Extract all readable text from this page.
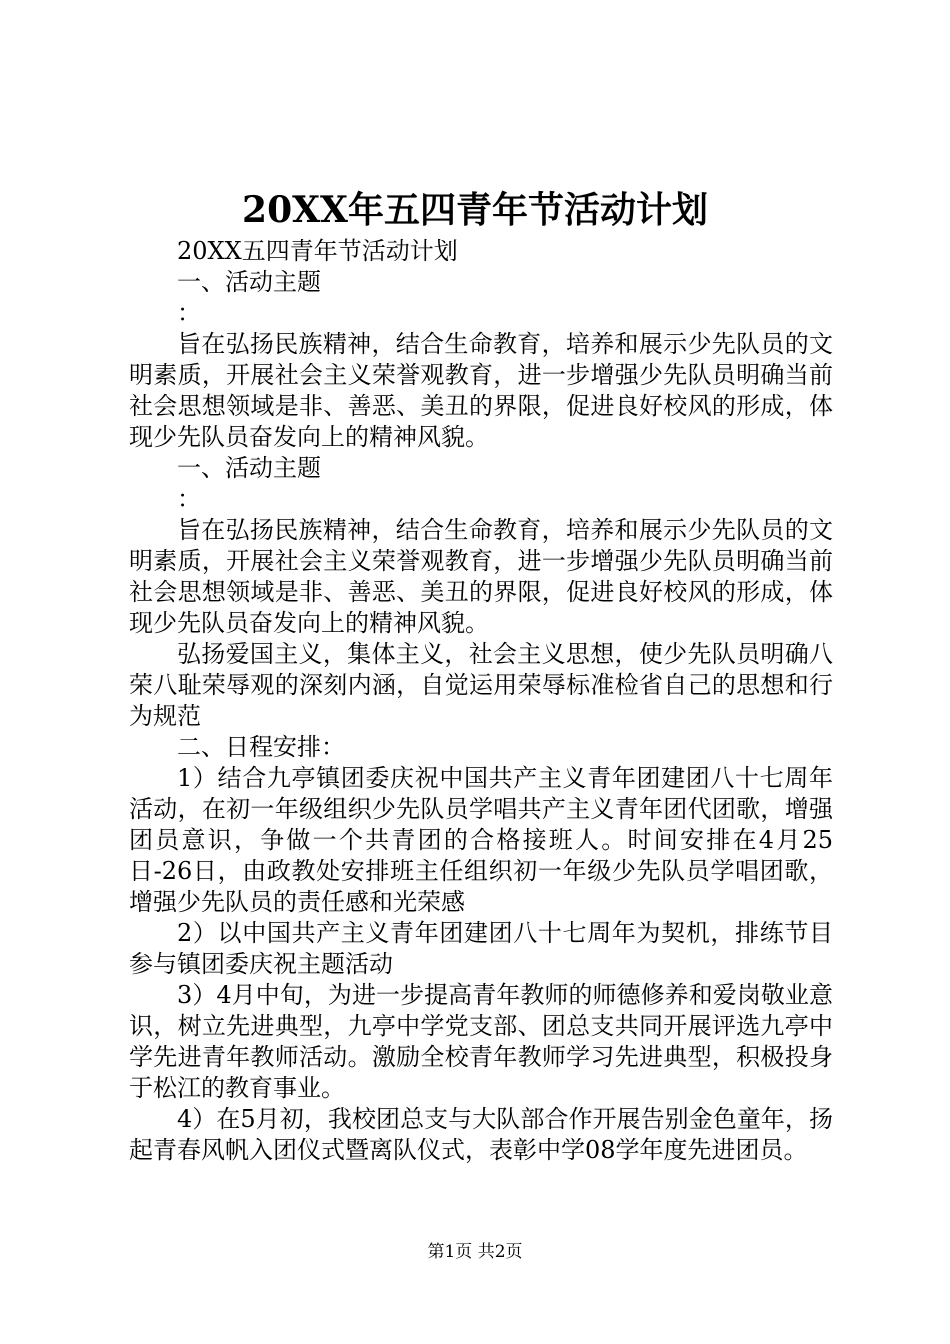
20XX年五四青年节活动计划

20XX五四青年节活动计划

一、活动主题

：

旨在弘扬民族精神，结合生命教育，培养和展示少先队员的文明素质，开展社会主义荣誉观教育，进一步增强少先队员明确当前社会思想领域是非、善恶、美丑的界限，促进良好校风的形成，体现少先队员奋发向上的精神风貌。

一、活动主题

：

旨在弘扬民族精神，结合生命教育，培养和展示少先队员的文明素质，开展社会主义荣誉观教育，进一步增强少先队员明确当前社会思想领域是非、善恶、美丑的界限，促进良好校风的形成，体现少先队员奋发向上的精神风貌。

弘扬爱国主义，集体主义，社会主义思想，使少先队员明确八荣八耻荣辱观的深刻内涵，自觉运用荣辱标准检省自己的思想和行为规范

二、日程安排：

1）结合九亭镇团委庆祝中国共产主义青年团建团八十七周年活动，在初一年级组织少先队员学唱共产主义青年团代团歌，增强团员意识，争做一个共青团的合格接班人。时间安排在4月25日-26日，由政教处安排班主任组织初一年级少先队员学唱团歌，增强少先队员的责任感和光荣感

2）以中国共产主义青年团建团八十七周年为契机，排练节目参与镇团委庆祝主题活动

3）4月中旬，为进一步提高青年教师的师德修养和爱岗敬业意识，树立先进典型，九亭中学党支部、团总支共同开展评选九亭中学先进青年教师活动。激励全校青年教师学习先进典型，积极投身于松江的教育事业。

4）在5月初，我校团总支与大队部合作开展告别金色童年，扬起青春风帆入团仪式暨离队仪式，表彰中学08学年度先进团员。

第1页 共2页
